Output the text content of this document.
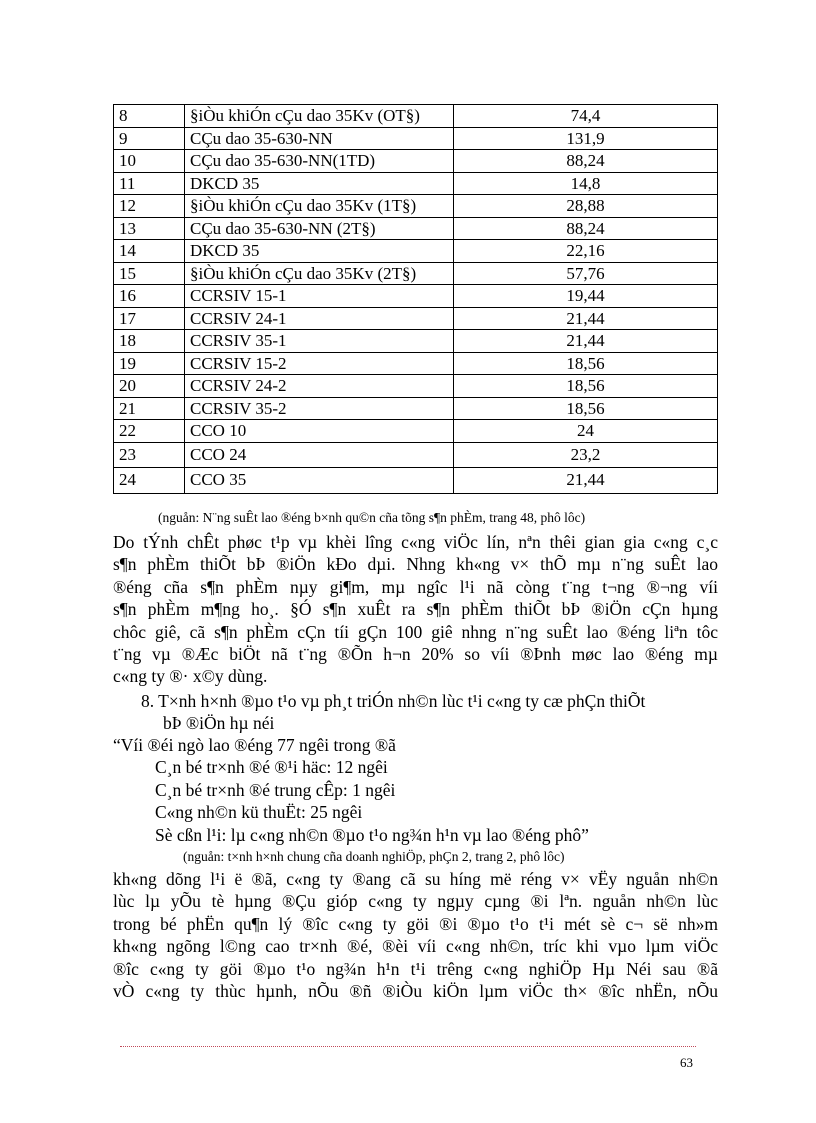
8	§iÒu khiÓn cÇu dao 35Kv (OT§)	74,4
9	CÇu dao 35-630-NN	131,9
10	CÇu dao 35-630-NN(1TD)	88,24
11	DKCD 35	14,8
12	§iÒu khiÓn cÇu dao 35Kv (1T§)	28,88
13	CÇu dao 35-630-NN (2T§)	88,24
14	DKCD 35	22,16
15	§iÒu khiÓn cÇu dao 35Kv (2T§)	57,76
16	CCRSIV 15-1	19,44
17	CCRSIV 24-1	21,44
18	CCRSIV 35-1	21,44
19	CCRSIV 15-2	18,56
20	CCRSIV 24-2	18,56
21	CCRSIV 35-2	18,56
22	CCO 10	24
23	CCO 24	23,2
24	CCO 35	21,44
(nguån: N¨ng suÊt lao ®éng b×nh qu©n cña tõng s¶n phÈm, trang 48, phô lôc)
Do tÝnh chÊt phøc t¹p vµ khèi lîng c«ng viÖc lín, nªn thêi gian gia c«ng c¸c
s¶n phÈm thiÕt bÞ ®iÖn kÐo dµi. Nhng kh«ng v× thÕ mµ n¨ng suÊt lao
®éng cña s¶n phÈm nµy gi¶m, mµ ngîc l¹i nã còng t¨ng t¬ng ®¬ng víi
s¶n phÈm m¶ng ho¸. §Ó s¶n xuÊt ra s¶n phÈm thiÕt bÞ ®iÖn cÇn hµng
chôc giê, cã s¶n phÈm cÇn tíi gÇn 100 giê nhng n¨ng suÊt lao ®éng liªn tôc
t¨ng vµ ®Æc biÖt nã t¨ng ®Õn h¬n 20% so víi ®Þnh møc lao ®éng mµ
c«ng ty ®· x©y dùng.
8. T×nh h×nh ®µo t¹o vµ ph¸t triÓn nh©n lùc t¹i c«ng ty cæ phÇn thiÕt
bÞ ®iÖn hµ néi
“Víi ®éi ngò lao ®éng 77 ngêi trong ®ã
C¸n bé tr×nh ®é ®¹i häc: 12 ngêi
C¸n bé tr×nh ®é trung cÊp: 1 ngêi
C«ng nh©n kü thuËt: 25 ngêi
Sè cßn l¹i: lµ c«ng nh©n ®µo t¹o ng¾n h¹n vµ lao ®éng phô”
(nguån: t×nh h×nh chung cña doanh nghiÖp, phÇn 2, trang 2, phô lôc)
kh«ng dõng l¹i ë ®ã, c«ng ty ®ang cã su híng më réng v× vËy nguån nh©n
lùc lµ yÕu tè hµng ®Çu gióp c«ng ty ngµy cµng ®i lªn. nguån nh©n lùc
trong bé phËn qu¶n lý ®îc c«ng ty göi ®i ®µo t¹o t¹i mét sè c¬ së nh»m
kh«ng ngõng l©ng cao tr×nh ®é, ®èi víi c«ng nh©n, tríc khi vµo lµm viÖc
®îc c«ng ty göi ®µo t¹o ng¾n h¹n t¹i trêng c«ng nghiÖp Hµ Néi sau ®ã
vÒ c«ng ty thùc hµnh, nÕu ®ñ ®iÒu kiÖn lµm viÖc th× ®îc nhËn, nÕu
63
